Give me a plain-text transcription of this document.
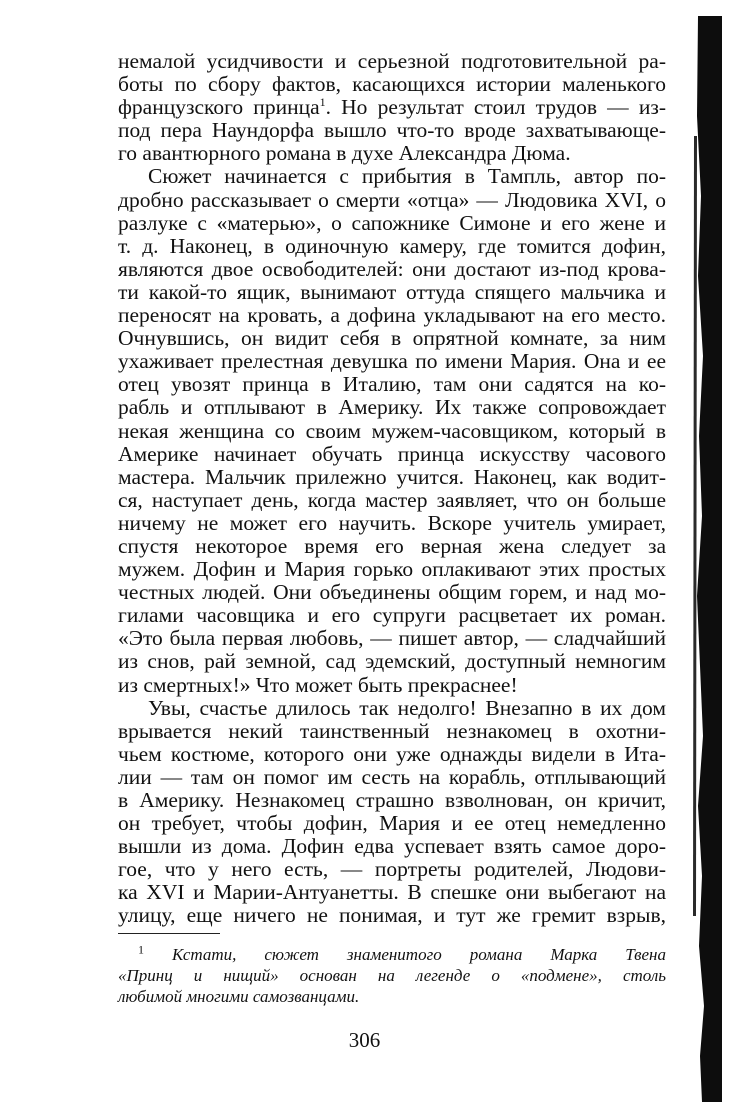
немалой усидчивости и серьезной подготовительной ра-
боты по сбору фактов, касающихся истории маленького
французского принца$^1$. Но результат стоил трудов — из-
под пера Наундорфа вышло что-то вроде захватывающе-
го авантюрного романа в духе Александра Дюма.
Сюжет начинается с прибытия в Тампль, автор по-
дробно рассказывает о смерти «отца» — Людовика XVI, о
разлуке с «матерью», о сапожнике Симоне и его жене и
т. д. Наконец, в одиночную камеру, где томится дофин,
являются двое освободителей: они достают из-под крова-
ти какой-то ящик, вынимают оттуда спящего мальчика и
переносят на кровать, а дофина укладывают на его место.
Очнувшись, он видит себя в опрятной комнате, за ним
ухаживает прелестная девушка по имени Мария. Она и ее
отец увозят принца в Италию, там они садятся на ко-
рабль и отплывают в Америку. Их также сопровождает
некая женщина со своим мужем-часовщиком, который в
Америке начинает обучать принца искусству часового
мастера. Мальчик прилежно учится. Наконец, как водит-
ся, наступает день, когда мастер заявляет, что он больше
ничему не может его научить. Вскоре учитель умирает,
спустя некоторое время его верная жена следует за
мужем. Дофин и Мария горько оплакивают этих простых
честных людей. Они объединены общим горем, и над мо-
гилами часовщика и его супруги расцветает их роман.
«Это была первая любовь, — пишет автор, — сладчайший
из снов, рай земной, сад эдемский, доступный немногим
из смертных!» Что может быть прекраснее!
Увы, счастье длилось так недолго! Внезапно в их дом
врывается некий таинственный незнакомец в охотни-
чьем костюме, которого они уже однажды видели в Ита-
лии — там он помог им сесть на корабль, отплывающий
в Америку. Незнакомец страшно взволнован, он кричит,
он требует, чтобы дофин, Мария и ее отец немедленно
вышли из дома. Дофин едва успевает взять самое доро-
гое, что у него есть, — портреты родителей, Людови-
ка XVI и Марии-Антуанетты. В спешке они выбегают на
улицу, еще ничего не понимая, и тут же гремит взрыв,
$^1$ Кстати, сюжет знаменитого романа Марка Твена
«Принц и нищий» основан на легенде о «подмене», столь
любимой многими самозванцами.
306
